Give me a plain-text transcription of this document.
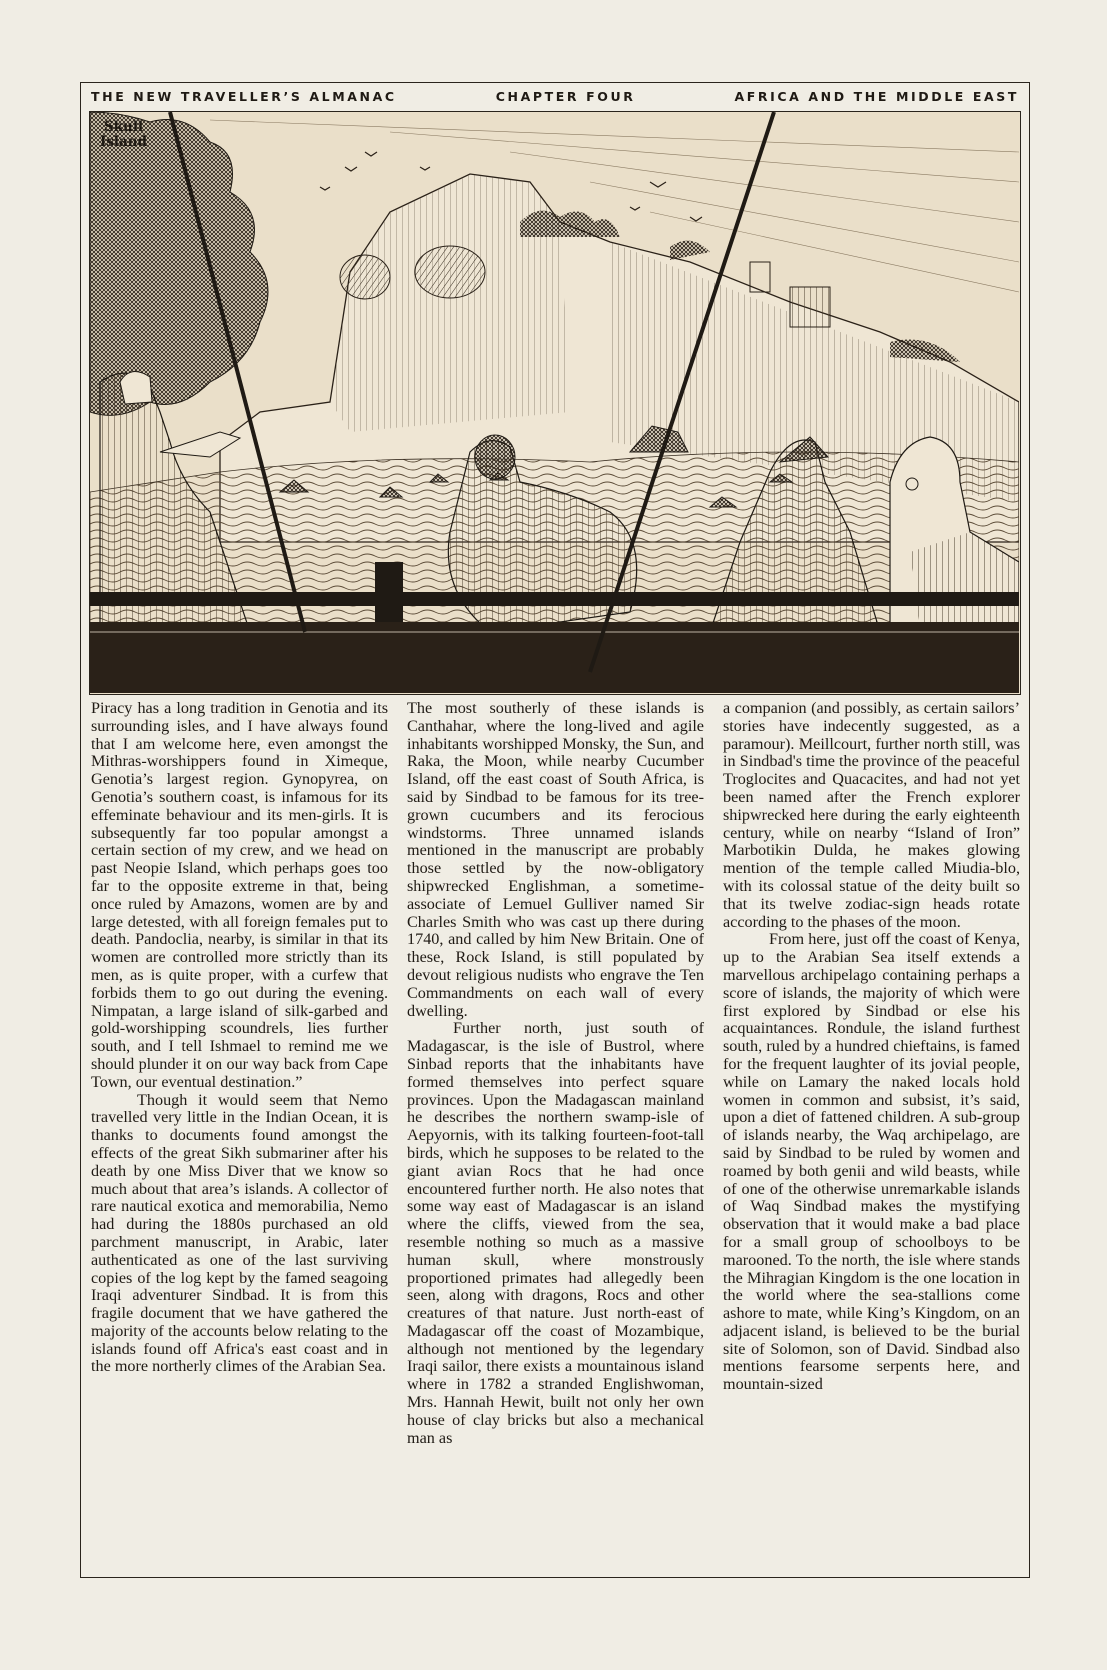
THE NEW TRAVELLER’S ALMANAC	CHAPTER FOUR	AFRICA AND THE MIDDLE EAST
Skull
Island

Piracy has a long tradition in Genotia and its surrounding isles, and I have always found that I am welcome here, even amongst the Mithras-worshippers found in Ximeque, Genotia’s largest region. Gynopyrea, on Genotia’s southern coast, is infamous for its effeminate behaviour and its men-girls. It is subsequently far too popular amongst a certain section of my crew, and we head on past Neopie Island, which perhaps goes too far to the opposite extreme in that, being once ruled by Amazons, women are by and large detested, with all foreign females put to death. Pandoclia, nearby, is similar in that its women are controlled more strictly than its men, as is quite proper, with a curfew that forbids them to go out during the evening. Nimpatan, a large island of silk-garbed and gold-worshipping scoundrels, lies further south, and I tell Ishmael to remind me we should plunder it on our way back from Cape Town, our eventual destination.”

Though it would seem that Nemo travelled very little in the Indian Ocean, it is thanks to documents found amongst the effects of the great Sikh submariner after his death by one Miss Diver that we know so much about that area’s islands. A collector of rare nautical exotica and memorabilia, Nemo had during the 1880s purchased an old parchment manuscript, in Arabic, later authenticated as one of the last surviving copies of the log kept by the famed seagoing Iraqi adventurer Sindbad. It is from this fragile document that we have gathered the majority of the accounts below relating to the islands found off Africa's east coast and in the more northerly climes of the Arabian Sea.

The most southerly of these islands is Canthahar, where the long-lived and agile inhabitants worshipped Monsky, the Sun, and Raka, the Moon, while nearby Cucumber Island, off the east coast of South Africa, is said by Sindbad to be famous for its tree-grown cucumbers and its ferocious windstorms. Three unnamed islands mentioned in the manuscript are probably those settled by the now-obligatory shipwrecked Englishman, a sometime-associate of Lemuel Gulliver named Sir Charles Smith who was cast up there during 1740, and called by him New Britain. One of these, Rock Island, is still populated by devout religious nudists who engrave the Ten Commandments on each wall of every dwelling.

Further north, just south of Madagascar, is the isle of Bustrol, where Sinbad reports that the inhabitants have formed themselves into perfect square provinces. Upon the Madagascan mainland he describes the northern swamp-isle of Aepyornis, with its talking fourteen-foot-tall birds, which he supposes to be related to the giant avian Rocs that he had once encountered further north. He also notes that some way east of Madagascar is an island where the cliffs, viewed from the sea, resemble nothing so much as a massive human skull, where monstrously proportioned primates had allegedly been seen, along with dragons, Rocs and other creatures of that nature. Just north-east of Madagascar off the coast of Mozambique, although not mentioned by the legendary Iraqi sailor, there exists a mountainous island where in 1782 a stranded Englishwoman, Mrs. Hannah Hewit, built not only her own house of clay bricks but also a mechanical man as

a companion (and possibly, as certain sailors’ stories have indecently suggested, as a paramour). Meillcourt, further north still, was in Sindbad's time the province of the peaceful Troglocites and Quacacites, and had not yet been named after the French explorer shipwrecked here during the early eighteenth century, while on nearby “Island of Iron” Marbotikin Dulda, he makes glowing mention of the temple called Miudia-blo, with its colossal statue of the deity built so that its twelve zodiac-sign heads rotate according to the phases of the moon.

From here, just off the coast of Kenya, up to the Arabian Sea itself extends a marvellous archipelago containing perhaps a score of islands, the majority of which were first explored by Sindbad or else his acquaintances. Rondule, the island furthest south, ruled by a hundred chieftains, is famed for the frequent laughter of its jovial people, while on Lamary the naked locals hold women in common and subsist, it’s said, upon a diet of fattened children. A sub-group of islands nearby, the Waq archipelago, are said by Sindbad to be ruled by women and roamed by both genii and wild beasts, while of one of the otherwise unremarkable islands of Waq Sindbad makes the mystifying observation that it would make a bad place for a small group of schoolboys to be marooned. To the north, the isle where stands the Mihragian Kingdom is the one location in the world where the sea-stallions come ashore to mate, while King’s Kingdom, on an adjacent island, is believed to be the burial site of Solomon, son of David. Sindbad also mentions fearsome serpents here, and mountain-sized
